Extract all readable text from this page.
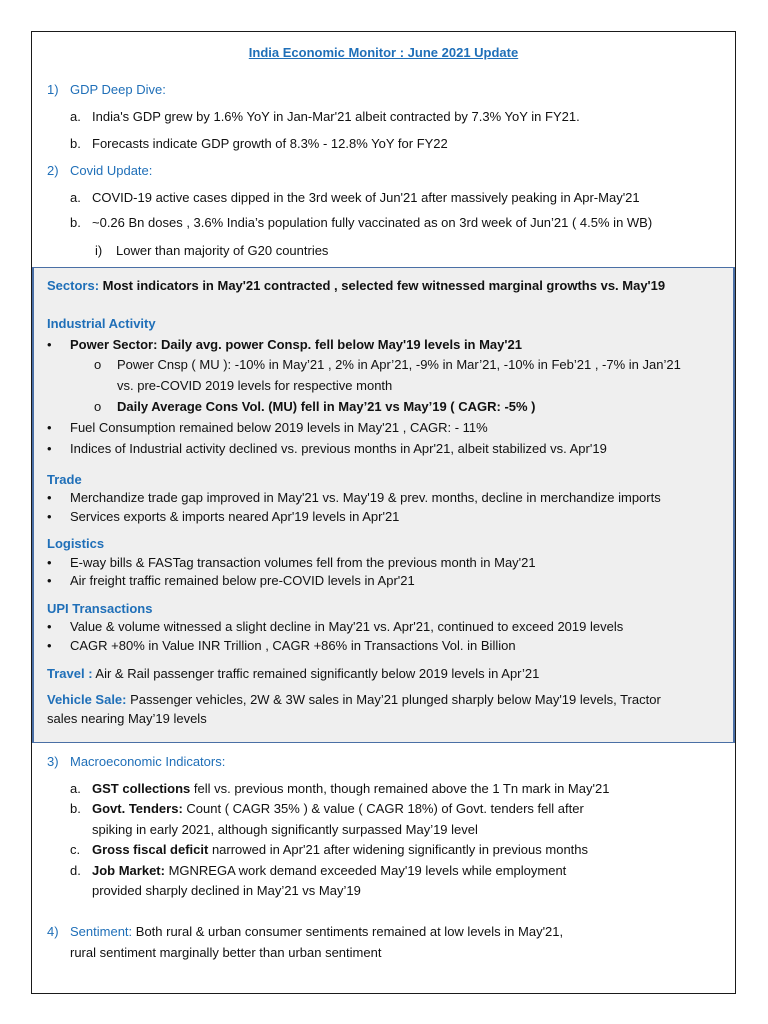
India Economic Monitor : June 2021 Update
1) GDP Deep Dive:
a. India's GDP grew by 1.6% YoY in Jan-Mar'21 albeit contracted by 7.3% YoY in FY21.
b. Forecasts indicate GDP growth of 8.3% - 12.8% YoY for FY22
2) Covid Update:
a. COVID-19 active cases dipped in the 3rd week of Jun'21 after massively peaking in Apr-May'21
b. ~0.26 Bn doses , 3.6% India’s population fully vaccinated as on 3rd week of Jun’21 ( 4.5% in WB)
i) Lower than majority of G20 countries
Sectors: Most indicators in May'21 contracted , selected few witnessed marginal growths vs. May'19
Industrial Activity
• Power Sector: Daily avg. power Consp. fell below May'19 levels in May'21
o Power Cnsp ( MU ): -10% in May’21 , 2% in Apr’21, -9% in Mar’21, -10% in Feb’21 , -7% in Jan’21
vs. pre-COVID 2019 levels for respective month
o Daily Average Cons Vol. (MU) fell in May’21 vs May’19 ( CAGR: -5% )
• Fuel Consumption remained below 2019 levels in May'21 , CAGR: - 11%
• Indices of Industrial activity declined vs. previous months in Apr'21, albeit stabilized vs. Apr'19
Trade
• Merchandize trade gap improved in May'21 vs. May'19 & prev. months, decline in merchandize imports
• Services exports & imports neared Apr'19 levels in Apr'21
Logistics
• E-way bills & FASTag transaction volumes fell from the previous month in May'21
• Air freight traffic remained below pre-COVID levels in Apr'21
UPI Transactions
• Value & volume witnessed a slight decline in May'21 vs. Apr'21, continued to exceed 2019 levels
• CAGR +80% in Value INR Trillion , CAGR +86% in Transactions Vol. in Billion
Travel : Air & Rail passenger traffic remained significantly below 2019 levels in Apr’21
Vehicle Sale: Passenger vehicles, 2W & 3W sales in May’21 plunged sharply below May'19 levels, Tractor
sales nearing May’19 levels
3) Macroeconomic Indicators:
a. GST collections fell vs. previous month, though remained above the 1 Tn mark in May'21
b. Govt. Tenders: Count ( CAGR 35% ) & value ( CAGR 18%) of Govt. tenders fell after
spiking in early 2021, although significantly surpassed May’19 level
c. Gross fiscal deficit narrowed in Apr'21 after widening significantly in previous months
d. Job Market: MGNREGA work demand exceeded May'19 levels while employment
provided sharply declined in May’21 vs May’19
4) Sentiment: Both rural & urban consumer sentiments remained at low levels in May'21,
rural sentiment marginally better than urban sentiment
